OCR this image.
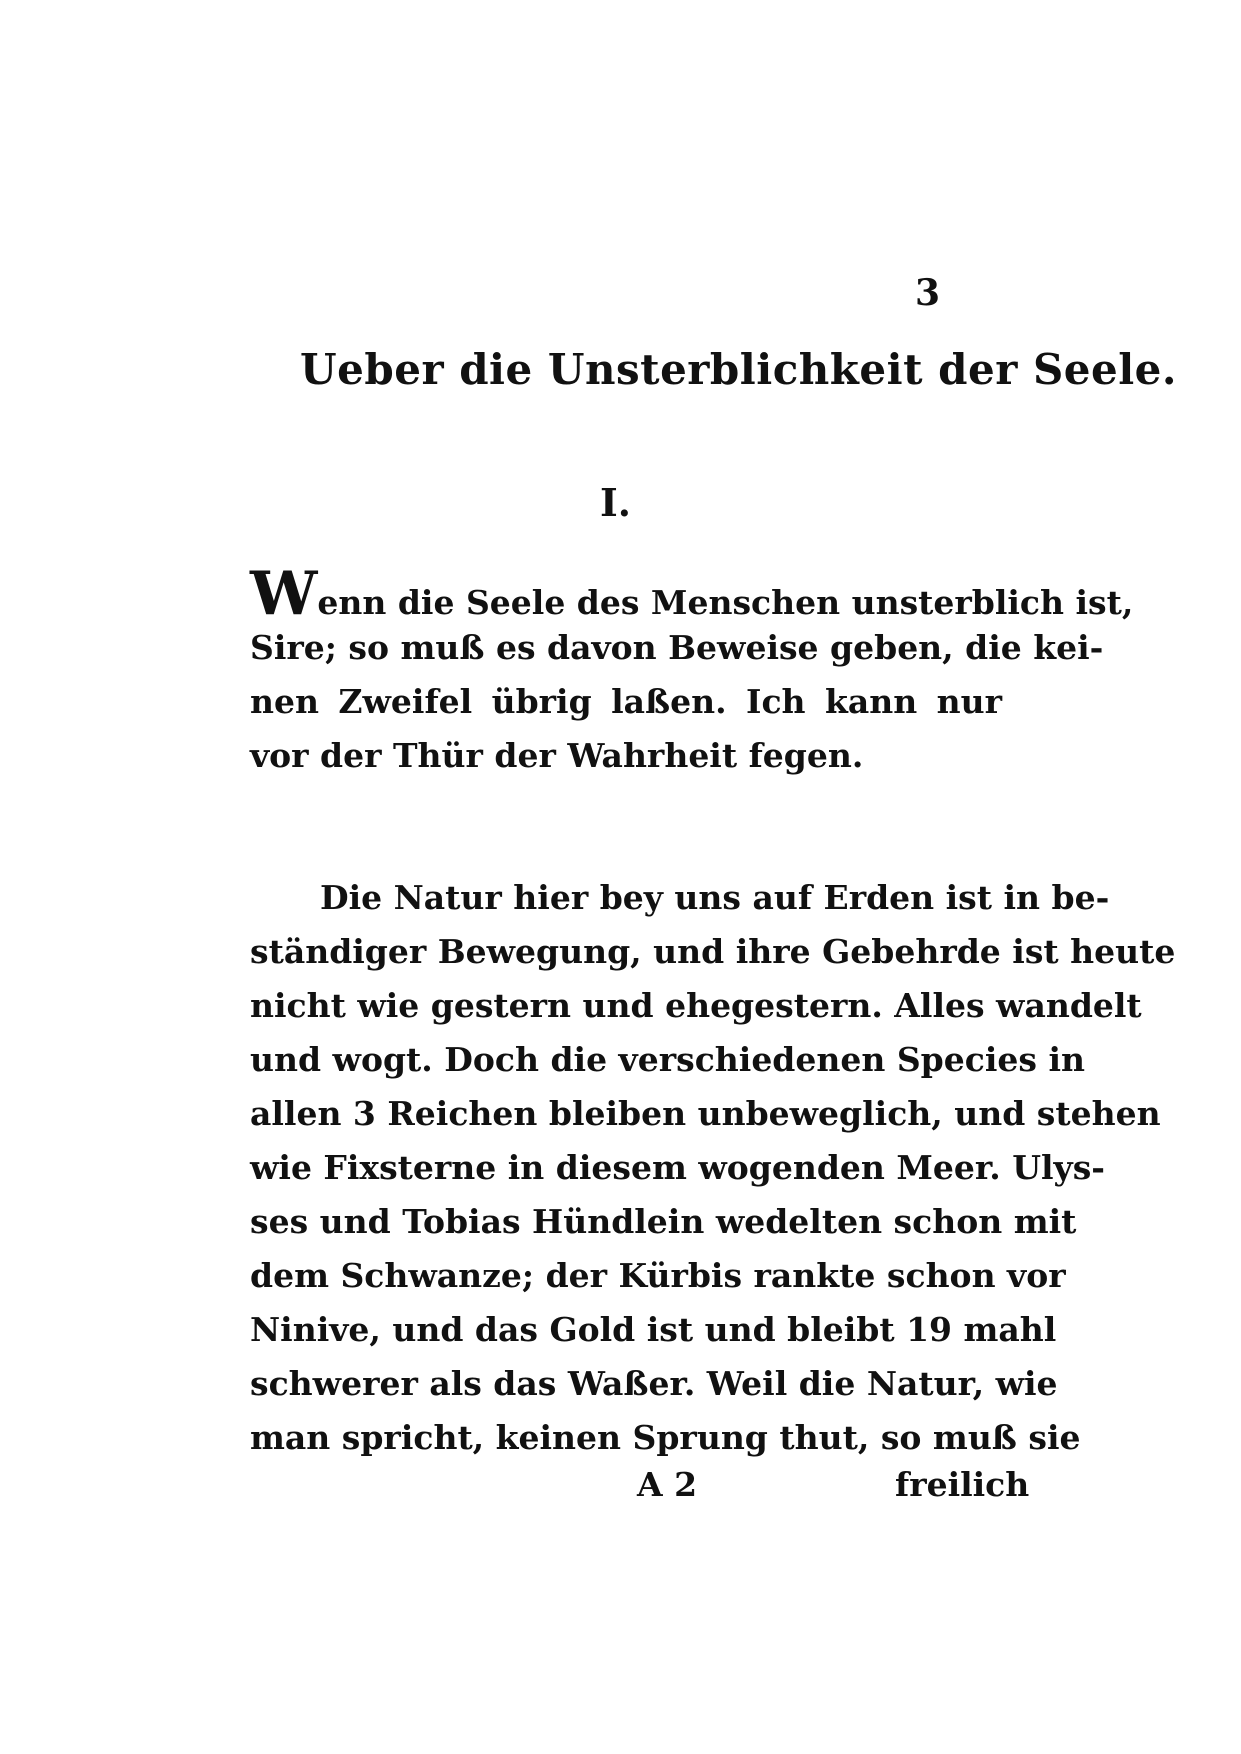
3
Ueber die Unsterblichkeit der Seele.
I.
Wenn die Seele des Menschen unsterblich ist,
Sire; so muß es davon Beweise geben, die kei-
nen Zweifel übrig laßen. Ich kann nur
vor der Thür der Wahrheit fegen.
Die Natur hier bey uns auf Erden ist in be-
ständiger Bewegung, und ihre Gebehrde ist heute
nicht wie gestern und ehegestern. Alles wandelt
und wogt. Doch die verschiedenen Species in
allen 3 Reichen bleiben unbeweglich, und stehen
wie Fixsterne in diesem wogenden Meer. Ulys-
ses und Tobias Hündlein wedelten schon mit
dem Schwanze; der Kürbis rankte schon vor
Ninive, und das Gold ist und bleibt 19 mahl
schwerer als das Waßer. Weil die Natur, wie
man spricht, keinen Sprung thut, so muß sie
A 2	freilich
